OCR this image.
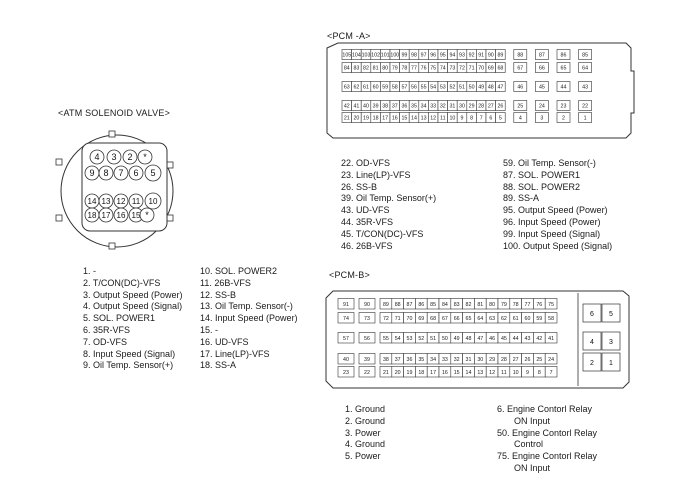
<ATM SOLENOID VALVE>
4 3 2 *
9 8 7 6 5
14 13 12 11 10
18 17 16 15 *
1. -
2. T/CON(DC)-VFS
3. Output Speed (Power)
4. Output Speed (Signal)
5. SOL. POWER1
6. 35R-VFS
7. OD-VFS
8. Input Speed (Signal)
9. Oil Temp. Sensor(+)
10. SOL. POWER2
11. 26B-VFS
12. SS-B
13. Oil Temp. Sensor(-)
14. Input Speed (Power)
15. -
16. UD-VFS
17. Line(LP)-VFS
18. SS-A
<PCM -A>
105 104 103 102 101 100 99 98 97 96 95 94 93 92 91 90 89	88	87	86	85
84 83 82 81 80 79 78 77 76 75 74 73 72 71 70 69 68	67	66	65	64
63 62 61 60 59 58 57 56 55 54 53 52 51 50 49 48 47	46	45	44	43
42 41 40 39 38 37 36 35 34 33 32 31 30 29 28 27 26	25	24	23	22
21 20 19 18 17 16 15 14 13 12 11 10 9 8 7 6 5	4	3	2	1
22. OD-VFS
23. Line(LP)-VFS
26. SS-B
39. Oil Temp. Sensor(+)
43. UD-VFS
44. 35R-VFS
45. T/CON(DC)-VFS
46. 26B-VFS
59. Oil Temp. Sensor(-)
87. SOL. POWER1
88. SOL. POWER2
89. SS-A
95. Output Speed (Power)
96. Input Speed (Power)
99. Input Speed (Signal)
100. Output Speed (Signal)
<PCM-B>
91	90 89 88 87 86 85 84 83 82 81 80 79 78 77 76 75
74	73 72 71 70 69 68 67 66 65 64 63 62 61 60 59 58
57	56 55 54 53 52 51 50 49 48 47 46 45 44 43 42 41
40	39 38 37 36 35 34 33 32 31 30 29 28 27 26 25 24
23	22 21 20 19 18 17 16 15 14 13 12 11 10 9 8 7
6 5
4 3
2 1
1. Ground
2. Ground
3. Power
4. Ground
5. Power
6. Engine Contorl Relay
ON Input
50. Engine Contorl Relay
Control
75. Engine Contorl Relay
ON Input
